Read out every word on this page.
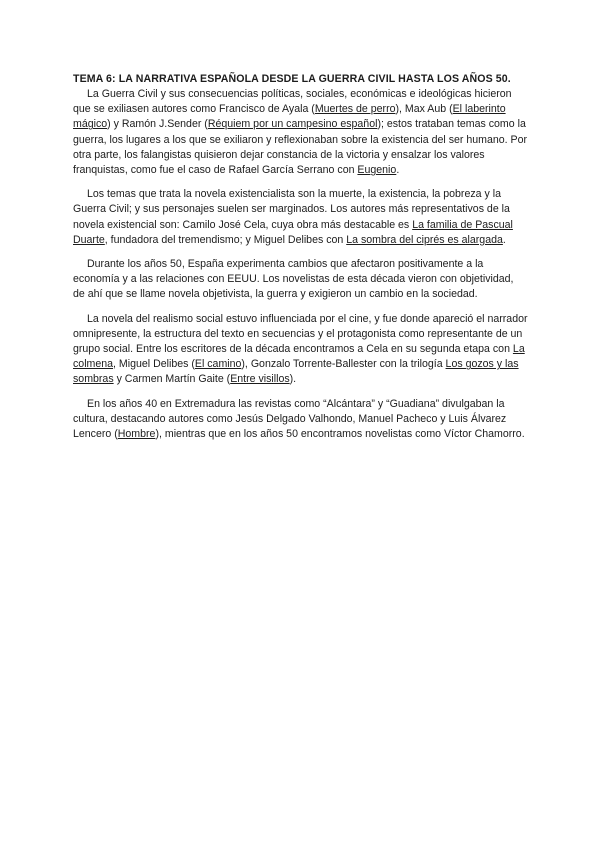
TEMA 6: LA NARRATIVA ESPAÑOLA DESDE LA GUERRA CIVIL HASTA LOS AÑOS 50.

La Guerra Civil y sus consecuencias políticas, sociales, económicas e ideológicas hicieron que se exiliasen autores como Francisco de Ayala (Muertes de perro), Max Aub (El laberinto mágico) y Ramón J.Sender (Réquiem por un campesino español); estos trataban temas como la guerra, los lugares a los que se exiliaron y reflexionaban sobre la existencia del ser humano. Por otra parte, los falangistas quisieron dejar constancia de la victoria y ensalzar los valores franquistas, como fue el caso de Rafael García Serrano con Eugenio.

Los temas que trata la novela existencialista son la muerte, la existencia, la pobreza y la Guerra Civil; y sus personajes suelen ser marginados. Los autores más representativos de la novela existencial son: Camilo José Cela, cuya obra más destacable es La familia de Pascual Duarte, fundadora del tremendismo; y Miguel Delibes con La sombra del ciprés es alargada.

Durante los años 50, España experimenta cambios que afectaron positivamente a la economía y a las relaciones con EEUU. Los novelistas de esta década vieron con objetividad, de ahí que se llame novela objetivista, la guerra y exigieron un cambio en la sociedad.

La novela del realismo social estuvo influenciada por el cine, y fue donde apareció el narrador omnipresente, la estructura del texto en secuencias y el protagonista como representante de un grupo social. Entre los escritores de la década encontramos a Cela en su segunda etapa con La colmena, Miguel Delibes (El camino), Gonzalo Torrente-Ballester con la trilogía Los gozos y las sombras y Carmen Martín Gaite (Entre visillos).

En los años 40 en Extremadura las revistas como “Alcántara” y “Guadiana” divulgaban la cultura, destacando autores como Jesús Delgado Valhondo, Manuel Pacheco y Luis Álvarez Lencero (Hombre), mientras que en los años 50 encontramos novelistas como Víctor Chamorro.
